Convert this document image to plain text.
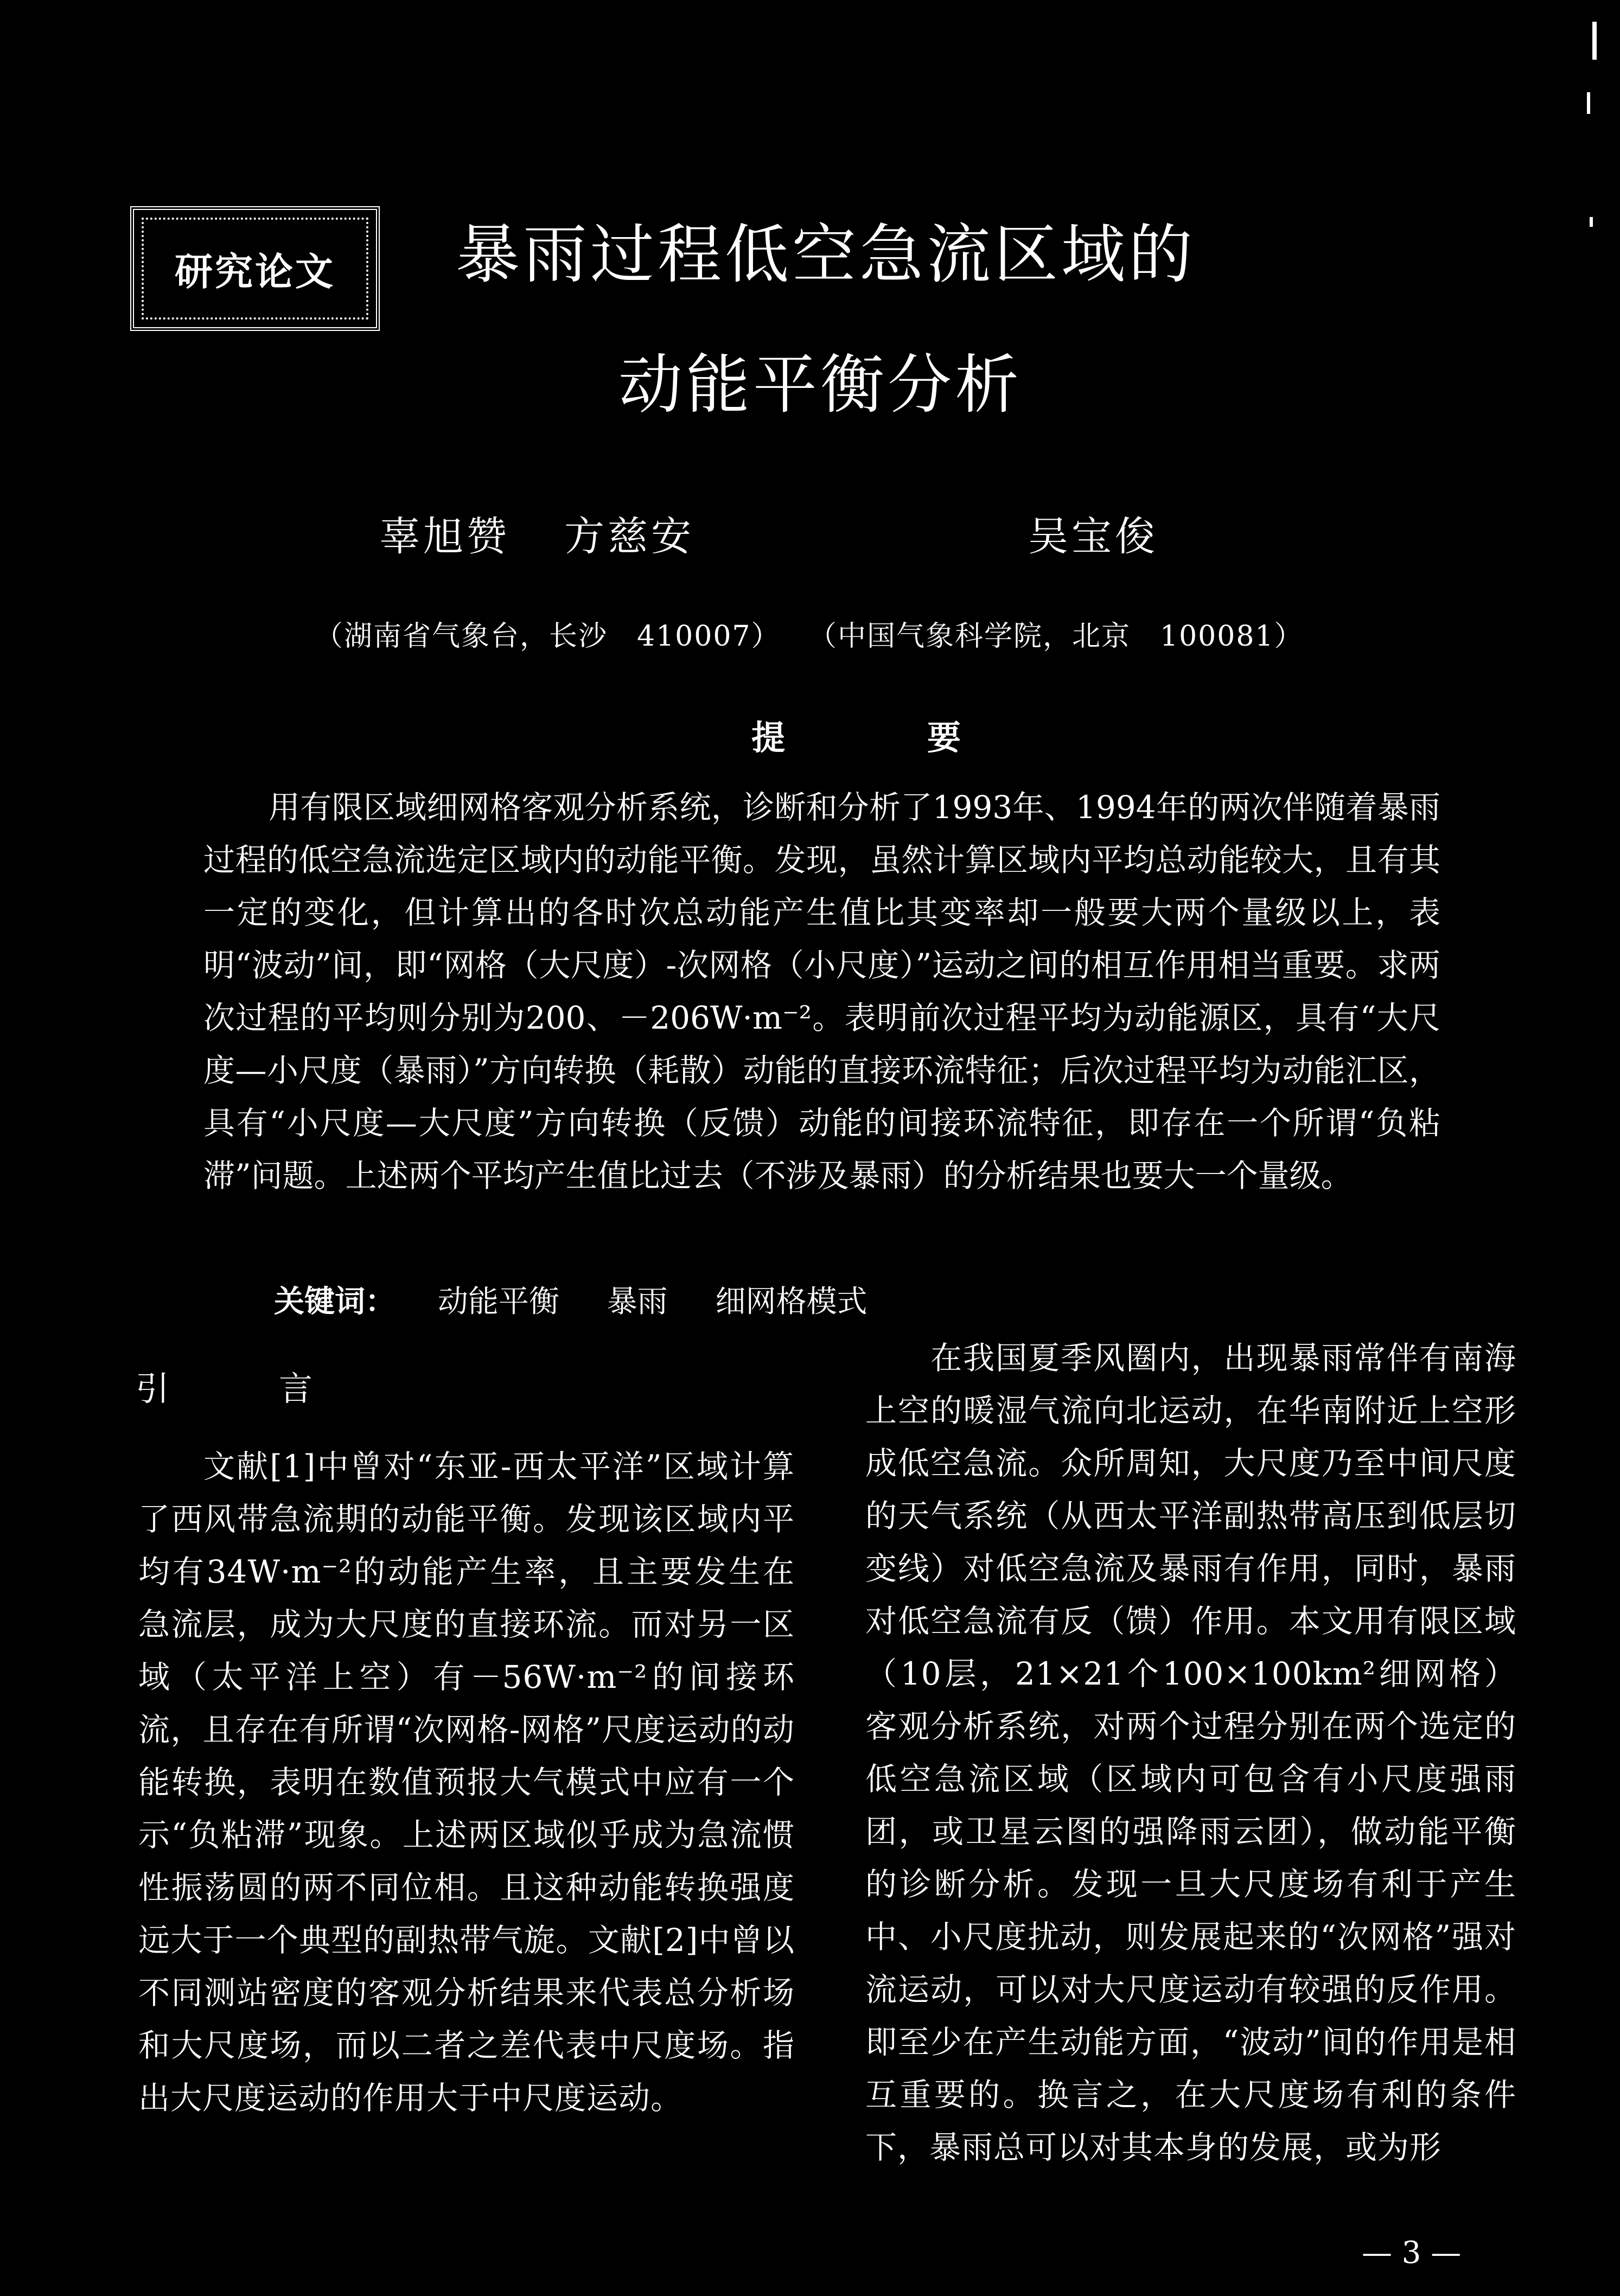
研究论文 暴雨过程低空急流区域的
动能平衡分析
辜旭赞 方慈安	吴宝俊
（湖南省气象台，长沙　410007） （中国气象科学院，北京　100081）
提　要

用有限区域细网格客观分析系统，诊断和分析了1993年、1994年的两次伴随着暴雨过程的低空急流选定区域内的动能平衡。发现，虽然计算区域内平均总动能较大，且有其一定的变化，但计算出的各时次总动能产生值比其变率却一般要大两个量级以上，表明“波动”间，即“网格（大尺度）-次网格（小尺度）”运动之间的相互作用相当重要。求两次过程的平均则分别为200、－206W·m⁻²。表明前次过程平均为动能源区，具有“大尺度—小尺度（暴雨）”方向转换（耗散）动能的直接环流特征；后次过程平均为动能汇区，具有“小尺度—大尺度”方向转换（反馈）动能的间接环流特征，即存在一个所谓“负粘滞”问题。上述两个平均产生值比过去（不涉及暴雨）的分析结果也要大一个量级。

关键词： 动能平衡 暴雨 细网格模式
引　言

文献[1]中曾对“东亚-西太平洋”区域计算了西风带急流期的动能平衡。发现该区域内平均有34W·m⁻²的动能产生率，且主要发生在急流层，成为大尺度的直接环流。而对另一区域（太平洋上空）有－56W·m⁻²的间接环流，且存在有所谓“次网格-网格”尺度运动的动能转换，表明在数值预报大气模式中应有一个示“负粘滞”现象。上述两区域似乎成为急流惯性振荡圆的两不同位相。且这种动能转换强度远大于一个典型的副热带气旋。文献[2]中曾以不同测站密度的客观分析结果来代表总分析场和大尺度场，而以二者之差代表中尺度场。指出大尺度运动的作用大于中尺度运动。

在我国夏季风圈内，出现暴雨常伴有南海上空的暖湿气流向北运动，在华南附近上空形成低空急流。众所周知，大尺度乃至中间尺度的天气系统（从西太平洋副热带高压到低层切变线）对低空急流及暴雨有作用，同时，暴雨对低空急流有反（馈）作用。本文用有限区域（10层，21×21个100×100km²细网格）客观分析系统，对两个过程分别在两个选定的低空急流区域（区域内可包含有小尺度强雨团，或卫星云图的强降雨云团），做动能平衡的诊断分析。发现一旦大尺度场有利于产生中、小尺度扰动，则发展起来的“次网格”强对流运动，可以对大尺度运动有较强的反作用。即至少在产生动能方面，“波动”间的作用是相互重要的。换言之，在大尺度场有利的条件下，暴雨总可以对其本身的发展，或为形

— 3 —
